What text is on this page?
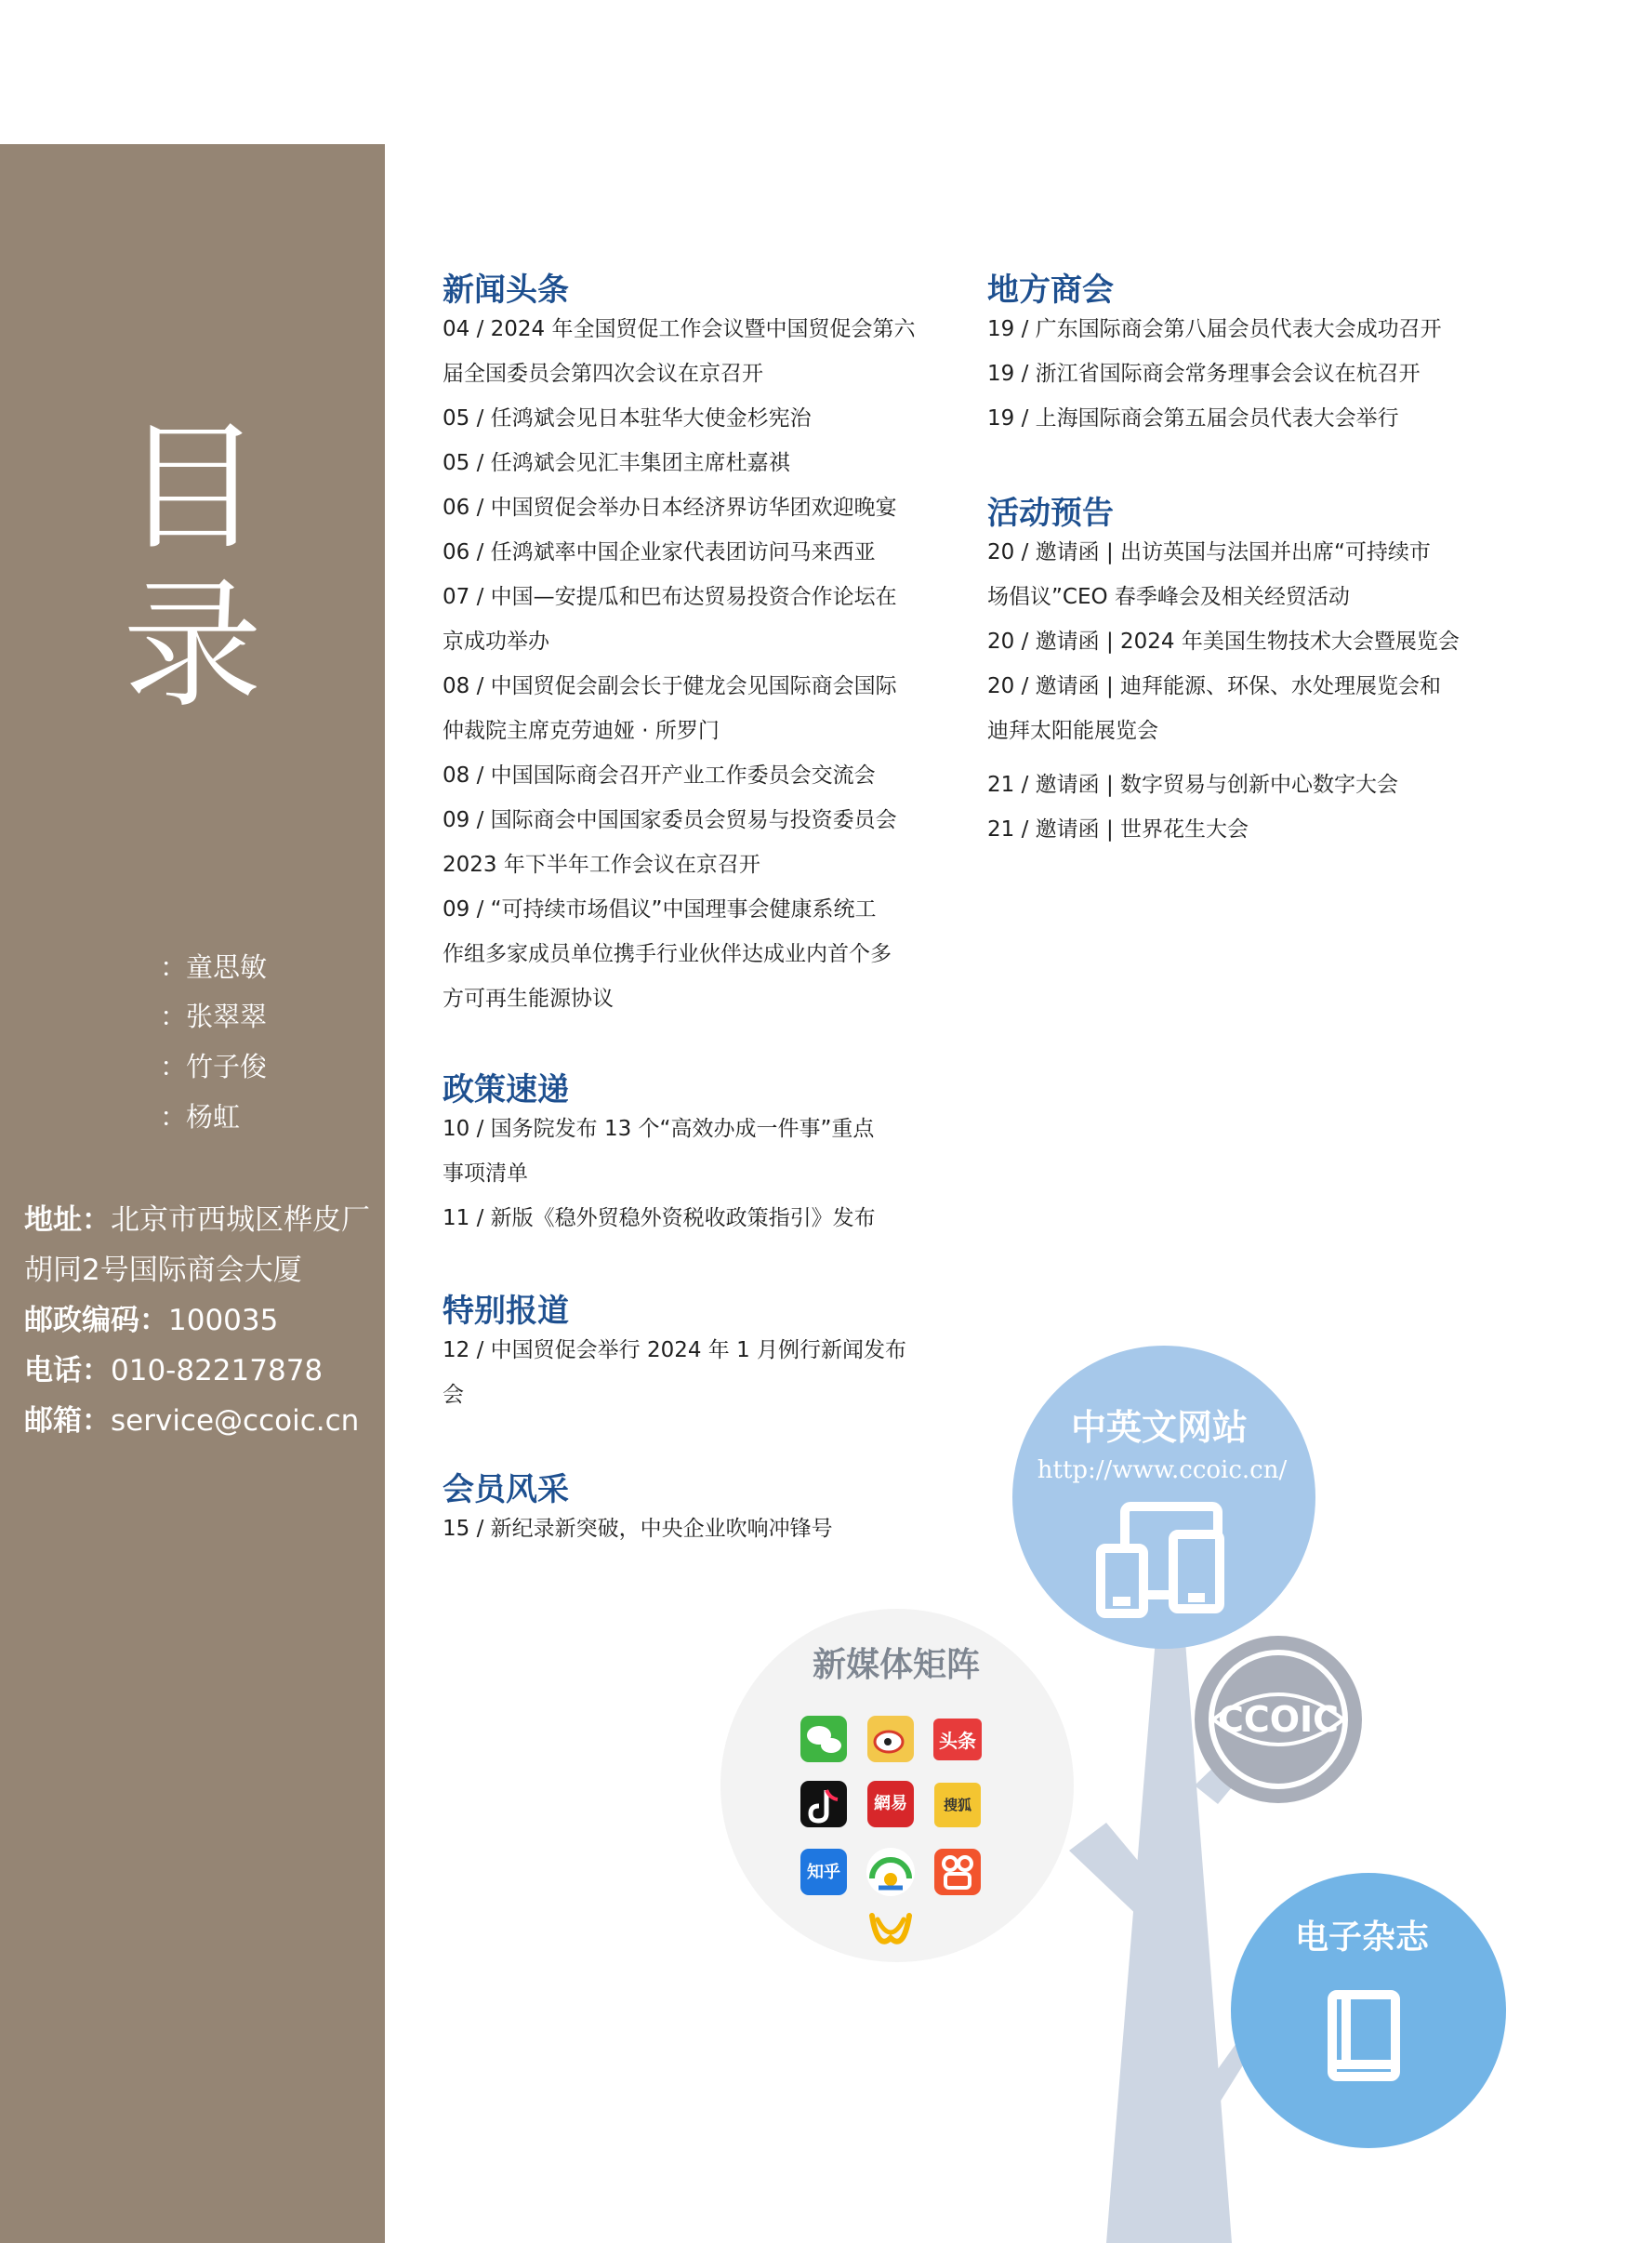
目
录
：
童思敏
：
张翠翠
：
竹子俊
：
杨虹
地址：北京市西城区桦皮厂
胡同2号国际商会大厦
邮政编码：100035
电话：010-82217878
邮箱：service@ccoic.cn
新闻头条
04 / 2024 年全国贸促工作会议暨中国贸促会第六
届全国委员会第四次会议在京召开
05 / 任鸿斌会见日本驻华大使金杉宪治
05 / 任鸿斌会见汇丰集团主席杜嘉祺
06 / 中国贸促会举办日本经济界访华团欢迎晚宴
06 / 任鸿斌率中国企业家代表团访问马来西亚
07 / 中国—安提瓜和巴布达贸易投资合作论坛在
京成功举办
08 / 中国贸促会副会长于健龙会见国际商会国际
仲裁院主席克劳迪娅 · 所罗门
08 / 中国国际商会召开产业工作委员会交流会
09 / 国际商会中国国家委员会贸易与投资委员会
2023 年下半年工作会议在京召开
09 / “可持续市场倡议”中国理事会健康系统工
作组多家成员单位携手行业伙伴达成业内首个多
方可再生能源协议
政策速递
10 / 国务院发布 13 个“高效办成一件事”重点
事项清单
11 / 新版《稳外贸稳外资税收政策指引》发布
特别报道
12 / 中国贸促会举行 2024 年 1 月例行新闻发布
会
会员风采
15 / 新纪录新突破，中央企业吹响冲锋号
地方商会
19 / 广东国际商会第八届会员代表大会成功召开
19 / 浙江省国际商会常务理事会会议在杭召开
19 / 上海国际商会第五届会员代表大会举行
活动预告
20 / 邀请函 | 出访英国与法国并出席“可持续市
场倡议”CEO 春季峰会及相关经贸活动
20 / 邀请函 | 2024 年美国生物技术大会暨展览会
20 / 邀请函 | 迪拜能源、环保、水处理展览会和
迪拜太阳能展览会
21 / 邀请函 | 数字贸易与创新中心数字大会
21 / 邀请函 | 世界花生大会
CCOIC
中英文网站
http://www.ccoic.cn/
新媒体矩阵
电子杂志
头条
網易	搜狐
知乎
